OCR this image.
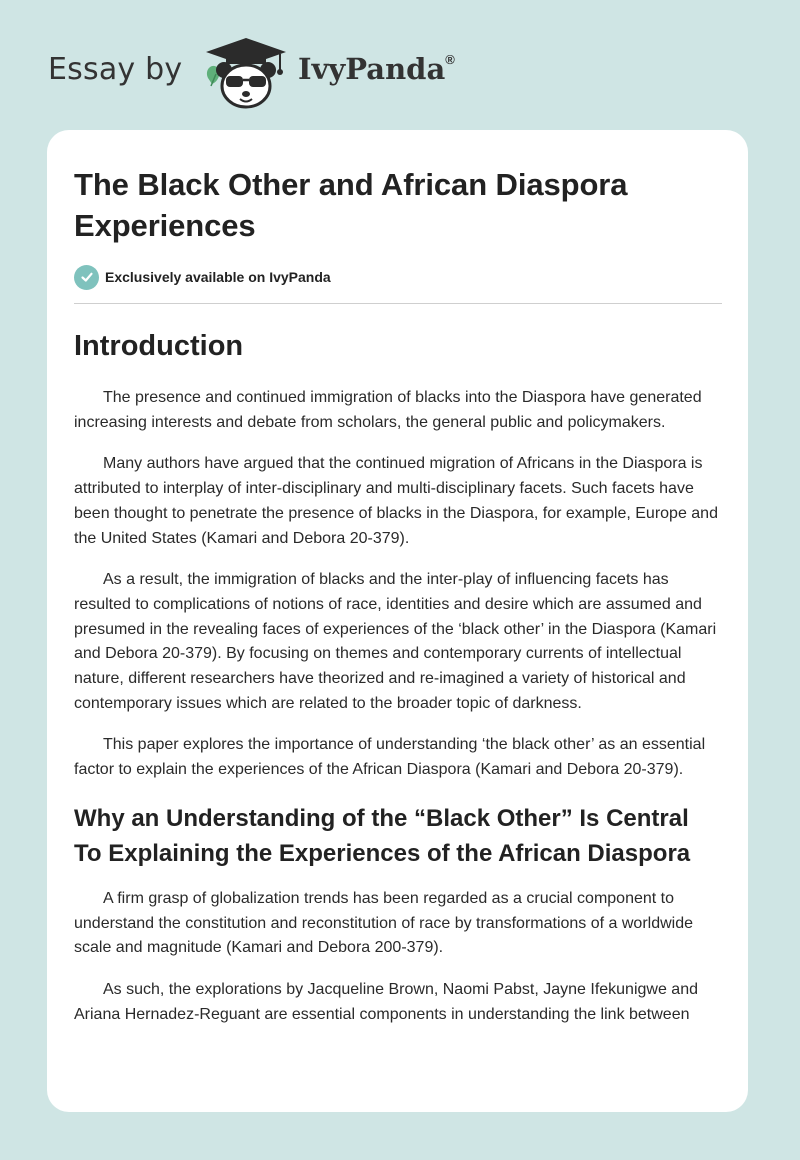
Essay by	IvyPanda®
The Black Other and African Diaspora Experiences
Exclusively available on IvyPanda
Introduction

The presence and continued immigration of blacks into the Diaspora have generated increasing interests and debate from scholars, the general public and policymakers.

Many authors have argued that the continued migration of Africans in the Diaspora is attributed to interplay of inter-disciplinary and multi-disciplinary facets. Such facets have been thought to penetrate the presence of blacks in the Diaspora, for example, Europe and the United States (Kamari and Debora 20-379).

As a result, the immigration of blacks and the inter-play of influencing facets has resulted to complications of notions of race, identities and desire which are assumed and presumed in the revealing faces of experiences of the ‘black other’ in the Diaspora (Kamari and Debora 20-379). By focusing on themes and contemporary currents of intellectual nature, different researchers have theorized and re-imagined a variety of historical and contemporary issues which are related to the broader topic of darkness.

This paper explores the importance of understanding ‘the black other’ as an essential factor to explain the experiences of the African Diaspora (Kamari and Debora 20-379).

Why an Understanding of the “Black Other” Is Central To Explaining the Experiences of the African Diaspora

A firm grasp of globalization trends has been regarded as a crucial component to understand the constitution and reconstitution of race by transformations of a worldwide scale and magnitude (Kamari and Debora 200-379).

As such, the explorations by Jacqueline Brown, Naomi Pabst, Jayne Ifekunigwe and Ariana Hernadez-Reguant are essential components in understanding the link between
